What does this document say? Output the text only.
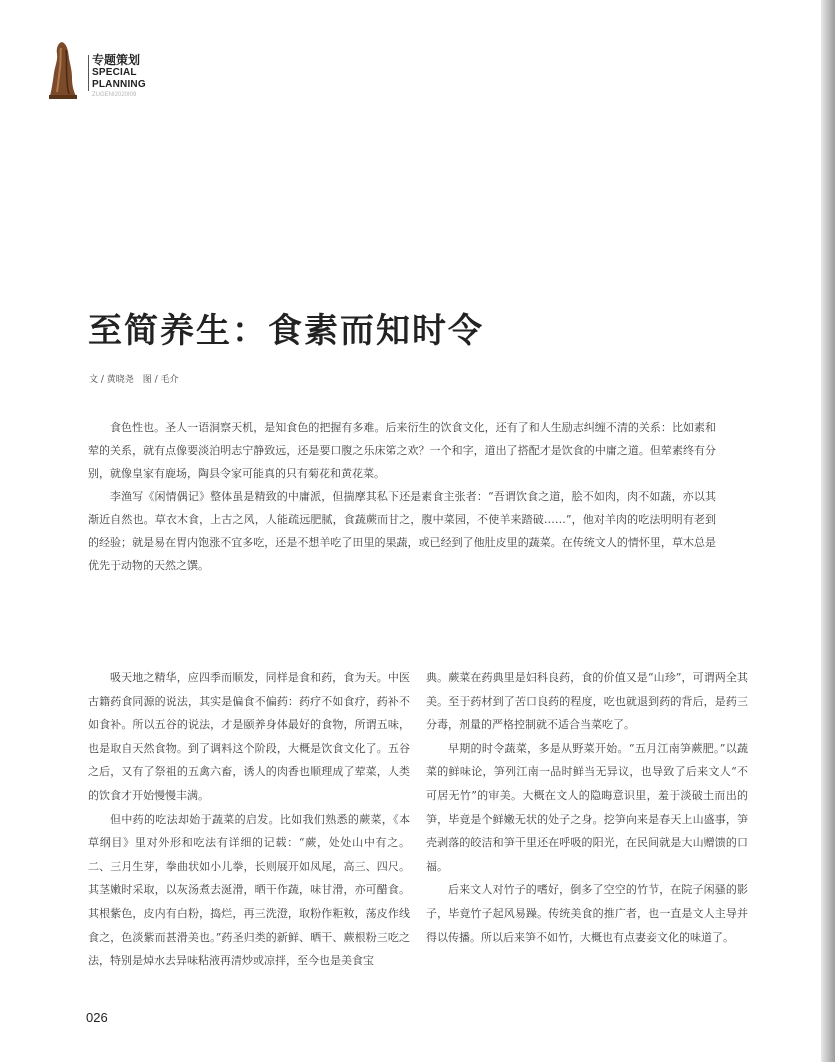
专题策划
SPECIAL PLANNING
ZUGENI2020I09
至简养生：食素而知时令
文 / 黄晓尧　图 / 毛介

食色性也。圣人一语洞察天机，是知食色的把握有多难。后来衍生的饮食文化，还有了和人生励志纠缠不清的关系：比如素和荤的关系，就有点像要淡泊明志宁静致远，还是要口腹之乐床笫之欢？一个和字，道出了搭配才是饮食的中庸之道。但荤素终有分别，就像皇家有鹿场，陶县令家可能真的只有菊花和黄花菜。

李渔写《闲情偶记》整体虽是精致的中庸派，但揣摩其私下还是素食主张者：“吾谓饮食之道，脍不如肉，肉不如蔬，亦以其渐近自然也。草衣木食，上古之风，人能疏远肥腻，食蔬蕨而甘之，腹中菜园，不使羊来踏破……”，他对羊肉的吃法明明有老到的经验；就是易在胃内饱涨不宜多吃，还是不想羊吃了田里的果蔬，或已经到了他肚皮里的蔬菜。在传统文人的情怀里，草木总是优先于动物的天然之馔。

吸天地之精华，应四季而顺发，同样是食和药，食为天。中医古籍药食同源的说法，其实是偏食不偏药：药疗不如食疗，药补不如食补。所以五谷的说法，才是颐养身体最好的食物，所谓五味，也是取自天然食物。到了调料这个阶段，大概是饮食文化了。五谷之后，又有了祭祖的五禽六畜，诱人的肉香也顺理成了荤菜，人类的饮食才开始慢慢丰满。

但中药的吃法却始于蔬菜的启发。比如我们熟悉的蕨菜，《本草纲目》里对外形和吃法有详细的记载：“蕨，处处山中有之。二、三月生芽，拳曲状如小儿拳，长则展开如凤尾，高三、四尺。其茎嫩时采取，以灰汤煮去涎滑，晒干作蔬，味甘滑，亦可醋食。其根紫色，皮内有白粉，捣烂，再三洗澄，取粉作粔籹，荡皮作线食之，色淡紫而甚滑美也。”药圣归类的新鲜、晒干、蕨根粉三吃之法，特别是焯水去异味粘液再清炒或凉拌，至今也是美食宝

典。蕨菜在药典里是妇科良药，食的价值又是“山珍”，可谓两全其美。至于药材到了苦口良药的程度，吃也就退到药的背后，是药三分毒，剂量的严格控制就不适合当菜吃了。

早期的时令蔬菜，多是从野菜开始。“五月江南笋蕨肥。”以蔬菜的鲜味论，笋列江南一品时鲜当无异议，也导致了后来文人“不可居无竹”的审美。大概在文人的隐晦意识里，羞于淡破土而出的笋，毕竟是个鲜嫩无状的处子之身。挖笋向来是春天上山盛事，笋壳剥落的皎洁和笋干里还在呼吸的阳光，在民间就是大山赠馈的口福。

后来文人对竹子的嗜好，倒多了空空的竹节，在院子闲骚的影子，毕竟竹子起风易躁。传统美食的推广者，也一直是文人主导并得以传播。所以后来笋不如竹，大概也有点妻妾文化的味道了。

026
